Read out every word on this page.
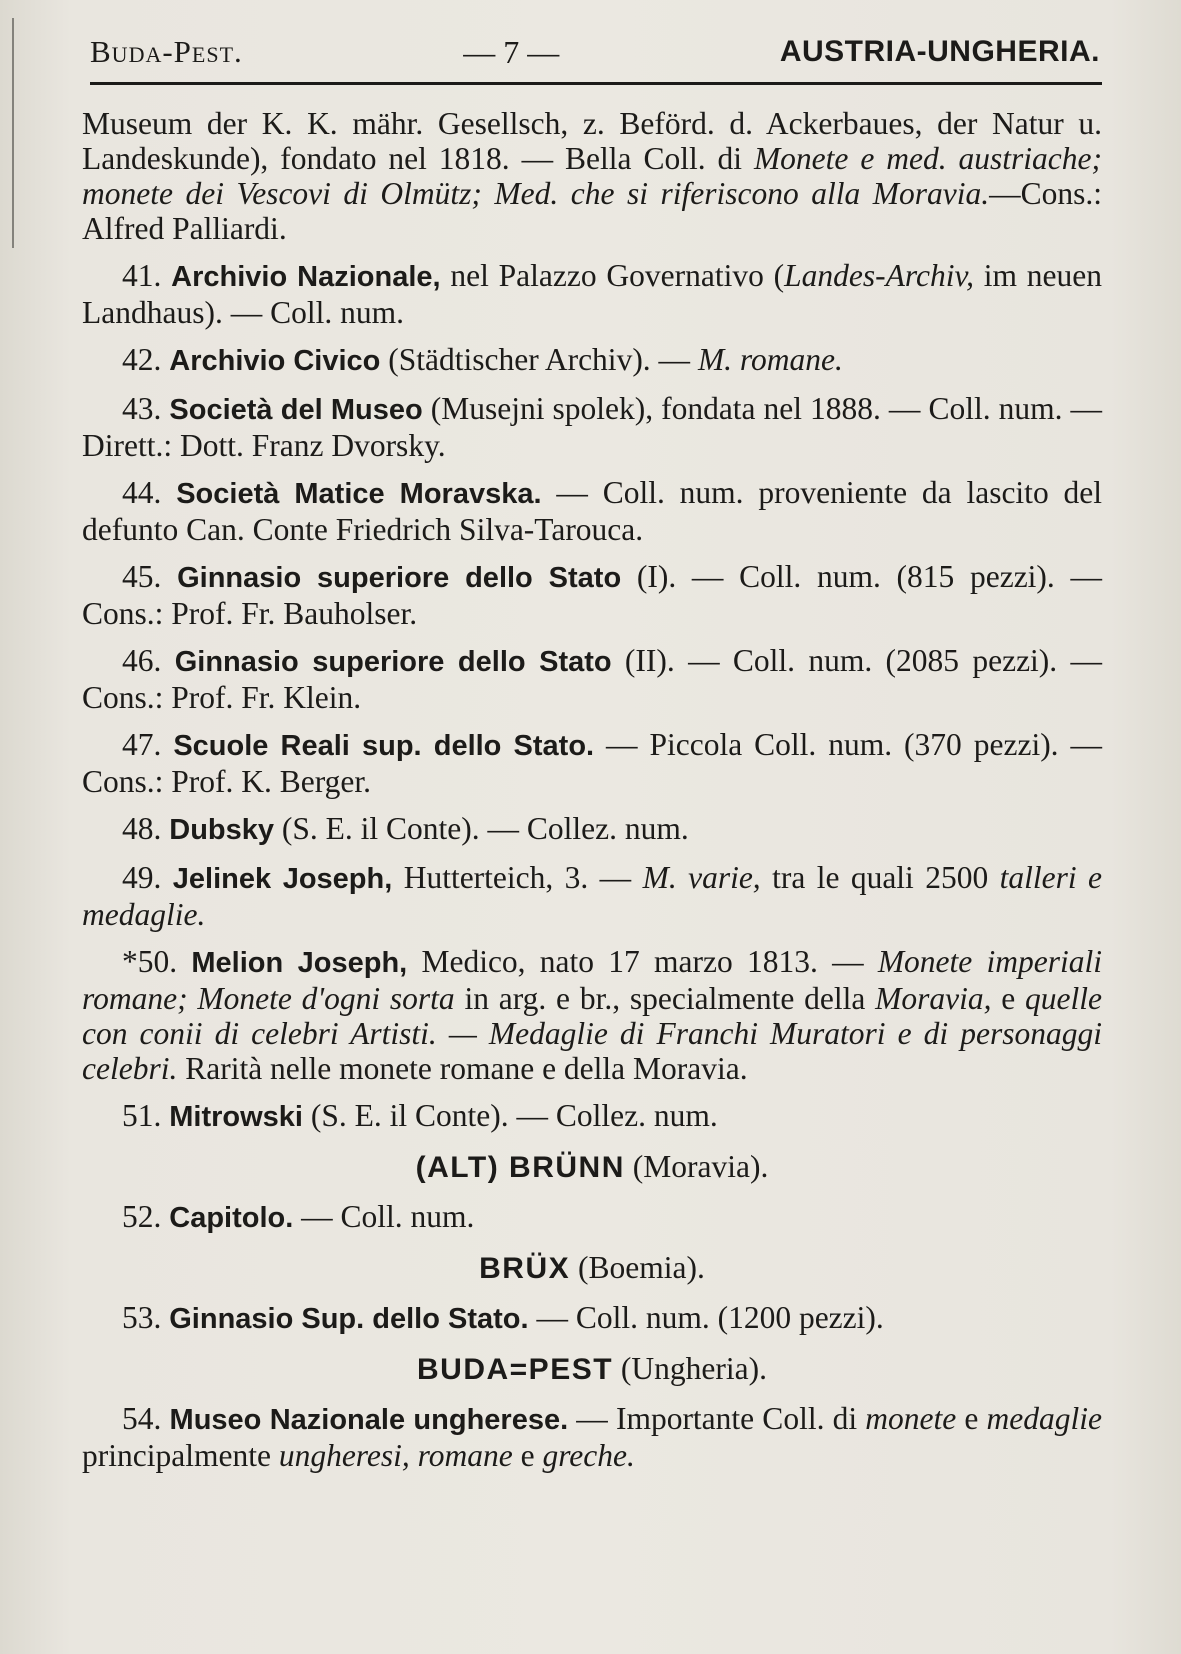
Buda-Pest.	— 7 —	AUSTRIA-UNGHERIA.

Museum der K. K. mähr. Gesellsch, z. Beförd. d. Ackerbaues, der Natur u. Landeskunde), fondato nel 1818. — Bella Coll. di Monete e med. austriache; monete dei Vescovi di Olmütz; Med. che si riferiscono alla Moravia.—Cons.: Alfred Palliardi.

41. Archivio Nazionale, nel Palazzo Governativo (Landes-Archiv, im neuen Landhaus). — Coll. num.

42. Archivio Civico (Städtischer Archiv). — M. romane.

43. Società del Museo (Musejni spolek), fondata nel 1888. — Coll. num. — Dirett.: Dott. Franz Dvorsky.

44. Società Matice Moravska. — Coll. num. proveniente da lascito del defunto Can. Conte Friedrich Silva-Tarouca.

45. Ginnasio superiore dello Stato (I). — Coll. num. (815 pezzi). — Cons.: Prof. Fr. Bauholser.

46. Ginnasio superiore dello Stato (II). — Coll. num. (2085 pezzi). — Cons.: Prof. Fr. Klein.

47. Scuole Reali sup. dello Stato. — Piccola Coll. num. (370 pezzi). — Cons.: Prof. K. Berger.

48. Dubsky (S. E. il Conte). — Collez. num.

49. Jelinek Joseph, Hutterteich, 3. — M. varie, tra le quali 2500 talleri e medaglie.

*50. Melion Joseph, Medico, nato 17 marzo 1813. — Monete imperiali romane; Monete d'ogni sorta in arg. e br., specialmente della Moravia, e quelle con conii di celebri Artisti. — Medaglie di Franchi Muratori e di personaggi celebri. Rarità nelle monete romane e della Moravia.

51. Mitrowski (S. E. il Conte). — Collez. num.

(ALT) BRÜNN (Moravia).

52. Capitolo. — Coll. num.

BRÜX (Boemia).

53. Ginnasio Sup. dello Stato. — Coll. num. (1200 pezzi).

BUDA=PEST (Ungheria).

54. Museo Nazionale ungherese. — Importante Coll. di monete e medaglie principalmente ungheresi, romane e greche.
